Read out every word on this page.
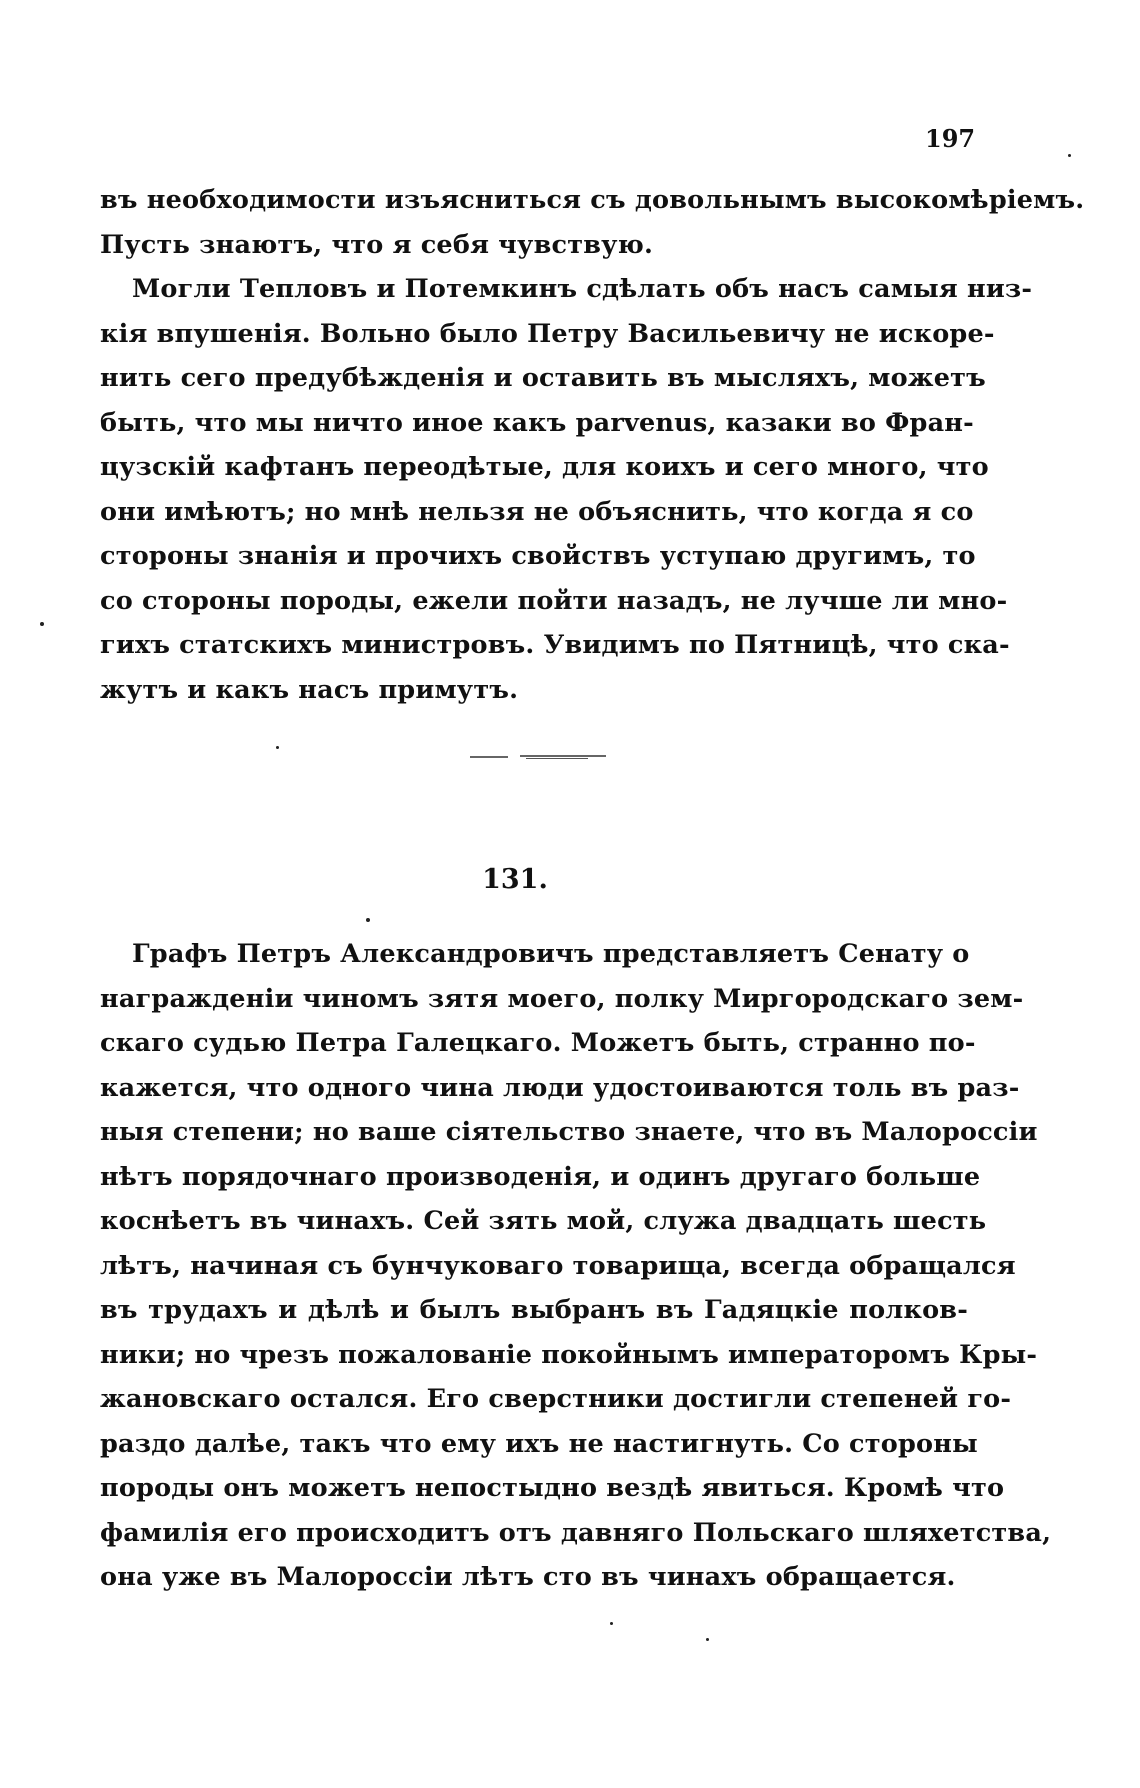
197
въ необходимости изъясниться съ довольнымъ высокомѣріемъ.
Пусть знаютъ, что я себя чувствую.
Могли Тепловъ и Потемкинъ сдѣлать объ насъ самыя низ-
кія впушенія. Вольно было Петру Васильевичу не искоре-
нить сего предубѣжденія и оставить въ мысляхъ, можетъ
быть, что мы ничто иное какъ parvenus, казаки во Фран-
цузскій кафтанъ переодѣтые, для коихъ и сего много, что
они имѣютъ; но мнѣ нельзя не объяснить, что когда я со
стороны знанія и прочихъ свойствъ уступаю другимъ, то
со стороны породы, ежели пойти назадъ, не лучше ли мно-
гихъ статскихъ министровъ. Увидимъ по Пятницѣ, что ска-
жутъ и какъ насъ примутъ.
131.
Графъ Петръ Александровичъ представляетъ Сенату о
награжденіи чиномъ зятя моего, полку Миргородскаго зем-
скаго судью Петра Галецкаго. Можетъ быть, странно по-
кажется, что одного чина люди удостоиваются толь въ раз-
ныя степени; но ваше сіятельство знаете, что въ Малороссіи
нѣтъ порядочнаго производенія, и одинъ другаго больше
коснѣетъ въ чинахъ. Сей зять мой, служа двадцать шесть
лѣтъ, начиная съ бунчуковаго товарища, всегда обращался
въ трудахъ и дѣлѣ и былъ выбранъ въ Гадяцкіе полков-
ники; но чрезъ пожалованіе покойнымъ императоромъ Кры-
жановскаго остался. Его сверстники достигли степеней го-
раздо далѣе, такъ что ему ихъ не настигнуть. Со стороны
породы онъ можетъ непостыдно вездѣ явиться. Кромѣ что
фамилія его происходитъ отъ давняго Польскаго шляхетства,
она уже въ Малороссіи лѣтъ сто въ чинахъ обращается.
